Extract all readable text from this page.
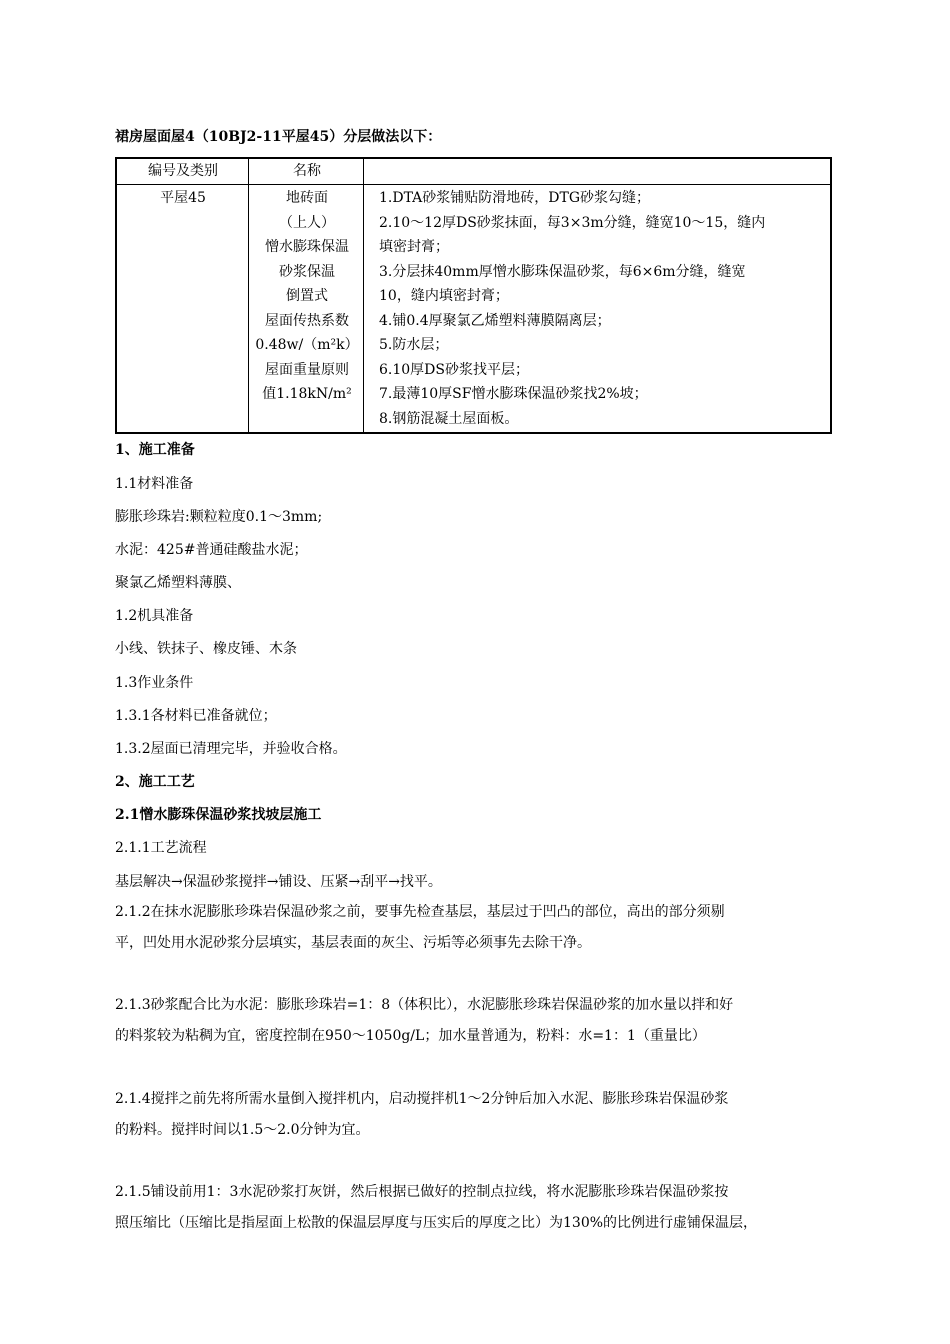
裙房屋面屋4（10BJ2-11平屋45）分层做法以下：
编号及类别	名称
平屋45	地砖面
（上人）
憎水膨珠保温
砂浆保温
倒置式
屋面传热系数
0.48w/（m²k）
屋面重量原则
值1.18kN/m²
1.DTA砂浆铺贴防滑地砖，DTG砂浆勾缝；
2.10～12厚DS砂浆抹面，每3×3m分缝，缝宽10～15，缝内
填密封膏；
3.分层抹40mm厚憎水膨珠保温砂浆，每6×6m分缝，缝宽
10，缝内填密封膏；
4.铺0.4厚聚氯乙烯塑料薄膜隔离层；
5.防水层；
6.10厚DS砂浆找平层；
7.最薄10厚SF憎水膨珠保温砂浆找2%坡；
8.钢筋混凝土屋面板。
1、施工准备
1.1材料准备
膨胀珍珠岩:颗粒粒度0.1～3mm;
水泥：425#普通硅酸盐水泥；
聚氯乙烯塑料薄膜、
1.2机具准备
小线、铁抹子、橡皮锤、木条
1.3作业条件
1.3.1各材料已准备就位；
1.3.2屋面已清理完毕，并验收合格。
2、施工工艺
2.1憎水膨珠保温砂浆找坡层施工
2.1.1工艺流程
基层解决→保温砂浆搅拌→铺设、压紧→刮平→找平。
2.1.2在抹水泥膨胀珍珠岩保温砂浆之前，要事先检查基层，基层过于凹凸的部位，高出的部分须剔
平，凹处用水泥砂浆分层填实，基层表面的灰尘、污垢等必须事先去除干净。
2.1.3砂浆配合比为水泥：膨胀珍珠岩=1：8（体积比），水泥膨胀珍珠岩保温砂浆的加水量以拌和好
的料浆较为粘稠为宜，密度控制在950～1050g/L；加水量普通为，粉料：水=1：1（重量比）
2.1.4搅拌之前先将所需水量倒入搅拌机内，启动搅拌机1～2分钟后加入水泥、膨胀珍珠岩保温砂浆
的粉料。搅拌时间以1.5～2.0分钟为宜。
2.1.5铺设前用1：3水泥砂浆打灰饼，然后根据已做好的控制点拉线，将水泥膨胀珍珠岩保温砂浆按
照压缩比（压缩比是指屋面上松散的保温层厚度与压实后的厚度之比）为130%的比例进行虚铺保温层，
